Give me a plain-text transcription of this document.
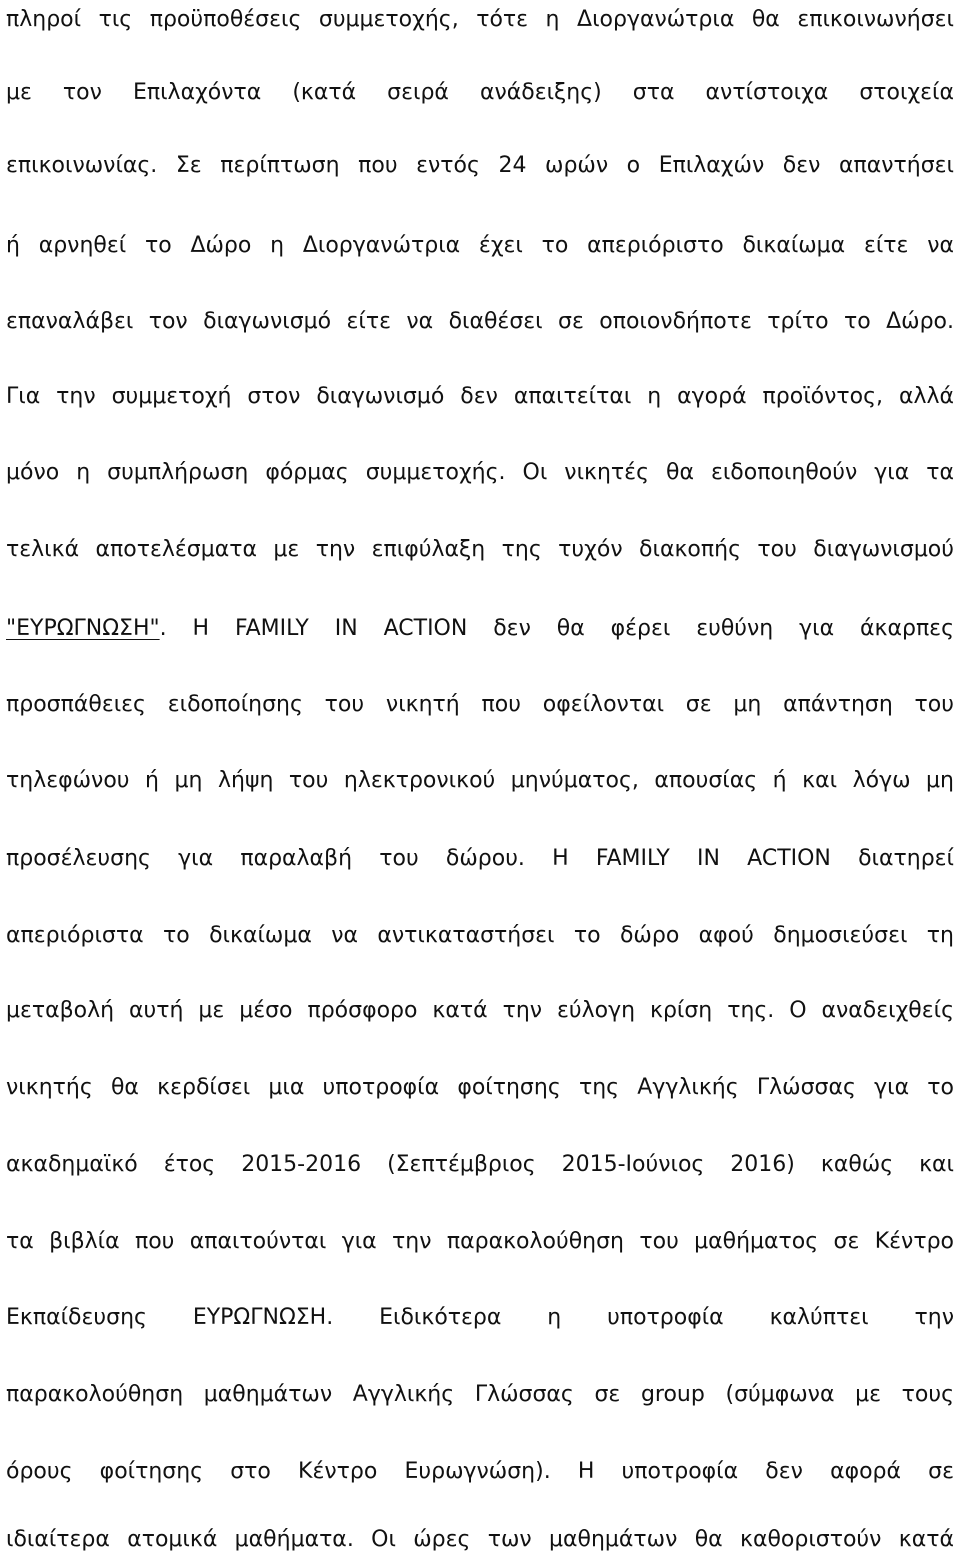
πληροί τις προϋποθέσεις συμμετοχής, τότε η Διοργανώτρια θα επικοινωνήσει
με τον Επιλαχόντα (κατά σειρά ανάδειξης) στα αντίστοιχα στοιχεία
επικοινωνίας. Σε περίπτωση που εντός 24 ωρών ο Επιλαχών δεν απαντήσει
ή αρνηθεί το Δώρο η Διοργανώτρια έχει το απεριόριστο δικαίωμα είτε να
επαναλάβει τον διαγωνισμό είτε να διαθέσει σε οποιονδήποτε τρίτο το Δώρο.
Για την συμμετοχή στον διαγωνισμό δεν απαιτείται η αγορά προϊόντος, αλλά
μόνο η συμπλήρωση φόρμας συμμετοχής. Οι νικητές θα ειδοποιηθούν για τα
τελικά αποτελέσματα με την επιφύλαξη της τυχόν διακοπής του διαγωνισμού
"ΕΥΡΩΓΝΩΣΗ". Η FAMILY IN ACTION δεν θα φέρει ευθύνη για άκαρπες
προσπάθειες ειδοποίησης του νικητή που οφείλονται σε μη απάντηση του
τηλεφώνου ή μη λήψη του ηλεκτρονικού μηνύματος, απουσίας ή και λόγω μη
προσέλευσης για παραλαβή του δώρου. Η FAMILY IN ACTION διατηρεί
απεριόριστα το δικαίωμα να αντικαταστήσει το δώρο αφού δημοσιεύσει τη
μεταβολή αυτή με μέσο πρόσφορο κατά την εύλογη κρίση της. Ο αναδειχθείς
νικητής θα κερδίσει μια υποτροφία φοίτησης της Αγγλικής Γλώσσας για το
ακαδημαϊκό έτος 2015-2016 (Σεπτέμβριος 2015-Ιούνιος 2016) καθώς και
τα βιβλία που απαιτούνται για την παρακολούθηση του μαθήματος σε Κέντρο
Εκπαίδευσης ΕΥΡΩΓΝΩΣΗ. Ειδικότερα η υποτροφία καλύπτει την
παρακολούθηση μαθημάτων Αγγλικής Γλώσσας σε group (σύμφωνα με τους
όρους φοίτησης στο Κέντρο Ευρωγνώση). Η υποτροφία δεν αφορά σε
ιδιαίτερα ατομικά μαθήματα. Οι ώρες των μαθημάτων θα καθοριστούν κατά
